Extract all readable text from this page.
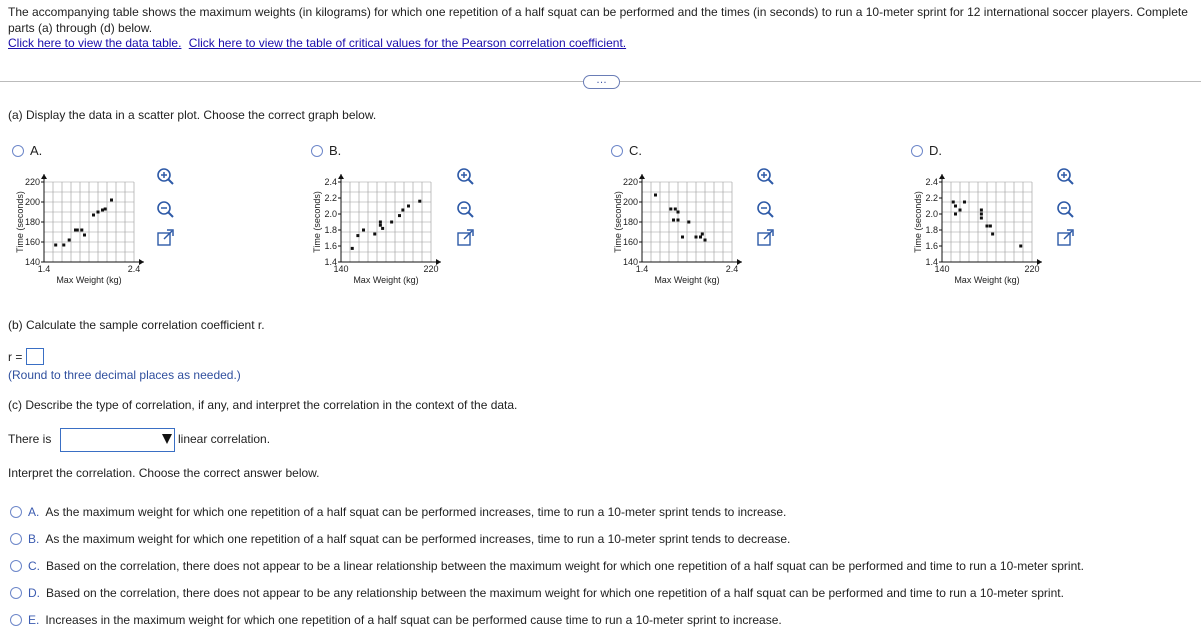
The accompanying table shows the maximum weights (in kilograms) for which one repetition of a half squat can be performed and the times (in seconds) to run a 10-meter sprint for 12 international soccer players. Complete parts (a) through (d) below.
Click here to view the data table. Click here to view the table of critical values for the Pearson correlation coefficient.
…
(a) Display the data in a scatter plot. Choose the correct graph below.
A.	B.	C.	D.
140
160
180
200
220
1.4	2.4
Max Weight (kg)
Time (seconds)
1.4
1.6
1.8
2.0
2.2
2.4
140	220
Max Weight (kg)
Time (seconds)
140
160
180
200
220
1.4	2.4
Max Weight (kg)
Time (seconds)
1.4
1.6
1.8
2.0
2.2
2.4
140	220
Max Weight (kg)
Time (seconds)
(b) Calculate the sample correlation coefficient r.
r =
(Round to three decimal places as needed.)
(c) Describe the type of correlation, if any, and interpret the correlation in the context of the data.
There is	linear correlation.
Interpret the correlation. Choose the correct answer below.
A. As the maximum weight for which one repetition of a half squat can be performed increases, time to run a 10-meter sprint tends to increase.
B. As the maximum weight for which one repetition of a half squat can be performed increases, time to run a 10-meter sprint tends to decrease.
C. Based on the correlation, there does not appear to be a linear relationship between the maximum weight for which one repetition of a half squat can be performed and time to run a 10-meter sprint.
D. Based on the correlation, there does not appear to be any relationship between the maximum weight for which one repetition of a half squat can be performed and time to run a 10-meter sprint.
E. Increases in the maximum weight for which one repetition of a half squat can be performed cause time to run a 10-meter sprint to increase.
